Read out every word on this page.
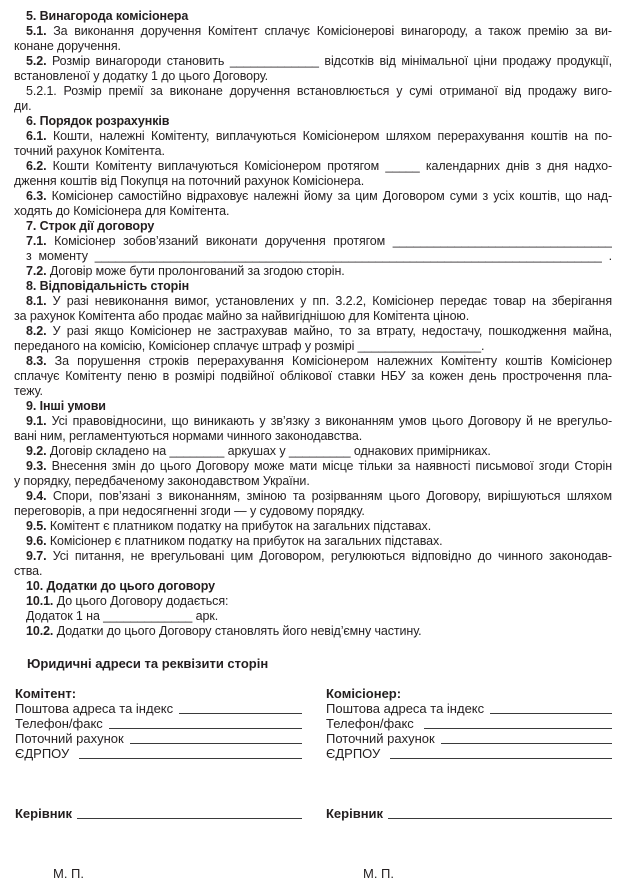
5. Винагорода комісіонера
5.1. За виконання доручення Комітент сплачує Комісіонерові винагороду, а також премію за ви-
конане доручення.
5.2. Розмір винагороди становить _____________ відсотків від мінімальної ціни продажу продукції,
встановленої у додатку 1 до цього Договору.
5.2.1. Розмір премії за виконане доручення встановлюється у сумі отриманої від продажу виго-
ди.
6. Порядок розрахунків
6.1. Кошти, належні Комітенту, виплачуються Комісіонером шляхом перерахування коштів на по-
точний рахунок Комітента.
6.2. Кошти Комітенту виплачуються Комісіонером протягом _____ календарних днів з дня надхо-
дження коштів від Покупця на поточний рахунок Комісіонера.
6.3. Комісіонер самостійно відраховує належні йому за цим Договором суми з усіх коштів, що над-
ходять до Комісіонера для Комітента.
7. Строк дії договору
7.1. Комісіонер зобов’язаний виконати доручення протягом ________________________________
з моменту __________________________________________________________________________ .
7.2. Договір може бути пролонгований за згодою сторін.
8. Відповідальність сторін
8.1. У разі невиконання вимог, установлених у пп. 3.2.2, Комісіонер передає товар на зберігання
за рахунок Комітента або продає майно за найвигіднішою для Комітента ціною.
8.2. У разі якщо Комісіонер не застрахував майно, то за втрату, недостачу, пошкодження майна,
переданого на комісію, Комісіонер сплачує штраф у розмірі __________________.
8.3. За порушення строків перерахування Комісіонером належних Комітенту коштів Комісіонер
сплачує Комітенту пеню в розмірі подвійної облікової ставки НБУ за кожен день прострочення пла-
тежу.
9. Інші умови
9.1. Усі правовідносини, що виникають у зв’язку з виконанням умов цього Договору й не врегульо-
вані ним, регламентуються нормами чинного законодавства.
9.2. Договір складено на ________ аркушах у _________ однакових примірниках.
9.3. Внесення змін до цього Договору може мати місце тільки за наявності письмової згоди Сторін
у порядку, передбаченому законодавством України.
9.4. Спори, пов’язані з виконанням, зміною та розірванням цього Договору, вирішуються шляхом
переговорів, а при недосягненні згоди — у судовому порядку.
9.5. Комітент є платником податку на прибуток на загальних підставах.
9.6. Комісіонер є платником податку на прибуток на загальних підставах.
9.7. Усі питання, не врегульовані цим Договором, регулюються відповідно до чинного законодав-
ства.
10. Додатки до цього договору
10.1. До цього Договору додається:
Додаток 1 на _____________ арк.
10.2. Додатки до цього Договору становлять його невід’ємну частину.
Юридичні адреси та реквізити сторін
Комітент:
Поштова адреса та індекс
Телефон/факс
Поточний рахунок
ЄДРПОУ
Комісіонер:
Поштова адреса та індекс
Телефон/факс
Поточний рахунок
ЄДРПОУ
Керівник	Керівник
М. П.	М. П.
